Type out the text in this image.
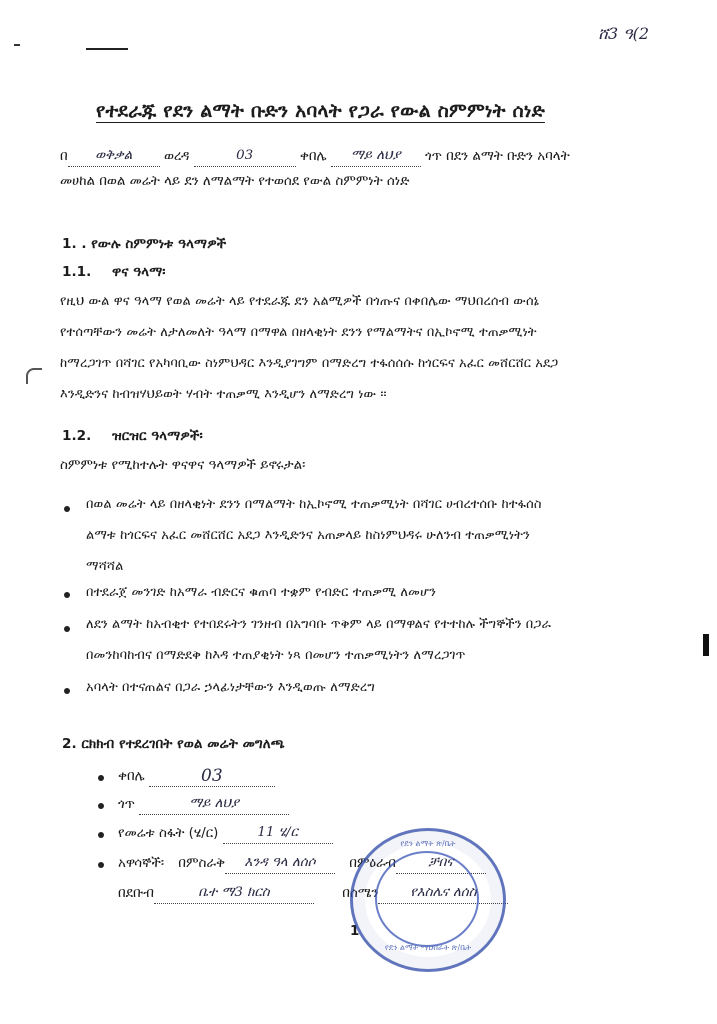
ሸ3 ዓ(2
የተደራጁ የደን ልማት ቡድን አባላት የጋራ የውል ስምምነት ሰነድ
በ ወቅቃል ወረዳ	03	ቀበሌ ማይ ለህያ ጎጥ በደን ልማት ቡድን አባላት
መሀከል በወል መሬት ላይ ደን ለማልማት የተወሰደ የውል ስምምነት ሰነድ
1. . የውሉ ስምምነቱ ዓላማዎች
1.1. ዋና ዓላማ፡
የዚህ ውል ዋና ዓላማ የወል መሬት ላይ የተደራጁ ደን አልሚዎች በጎጡና በቀበሌው ማህበረሰብ ውሰኔ
የተሰጣቸውን መሬት ለታለመለት ዓላማ በማዋል በዘላቂነት ደንን የማልማትና በኢኮኖሚ ተጠቃሚነት
ከማረጋገጥ በሻገር የአካባቢው ስነምህዳር እንዲያገግም በማድረግ ተፋሰሰሱ ከጎርፍና አፈር መሸርሸር አደጋ
እንዲድንና ከብዝሃህይወት ሃብት ተጠቃሚ እንዲሆን ለማድረግ ነው ፡፡
1.2. ዝርዝር ዓላማዎች፡
ስምምነቱ የሚከተሉት ዋናዋና ዓላማዎች ይኖሩታል፡
በወል መሬት ላይ በዘላቂነት ደንን በማልማት ከኢኮኖሚ ተጠቃሚነት በሻገር ሀብረተሰቡ ከተፋሰስ
ልማቱ ከጎርፍና አፈር መሸርሸር አደጋ እንዲድንና አጠቃላይ ከስነምህዳሩ ሁለንብ ተጠቃሚነትን
ማሻሻል
በተደራጀ መንገድ ከአማራ ብድርና ቁጠባ ተቋም የብድር ተጠቃሚ ለመሆን
ለደን ልማት ከአብቂተ የተበደሩትን ገንዘብ በአግባቡ ጥቅም ላይ በማዋልና የተተከሉ ችግኞችን በጋራ
በመንከባከብና በማድደቅ ከእዳ ተጠያቂነት ነጻ በመሆን ተጠቃሚነትን ለማረጋገጥ
አባላት በተናጠልና በጋራ ኃላፊነታቸውን እንዲወጡ ለማድረግ
2. ርክክብ የተደረገበት የወል መሬት መግለጫ
ቀበሌ	03
ጎጥ	ማይ ለህያ
የመሬቱ ስፋት (ሄ/ር)	11 ሄ/ር
አዋሳኞች፡ በምስራቅ እንዳ ዓላ ለሰሶ	በምዕራብ ቻበና
በደቡብ	ቤተ ማ3 ክርስ	በሰሜን የእስሌና ለሰስ
1
የደን ልማት ጽ/ቤት
የደን ልማት ማህበራት ጽ/ቤት
